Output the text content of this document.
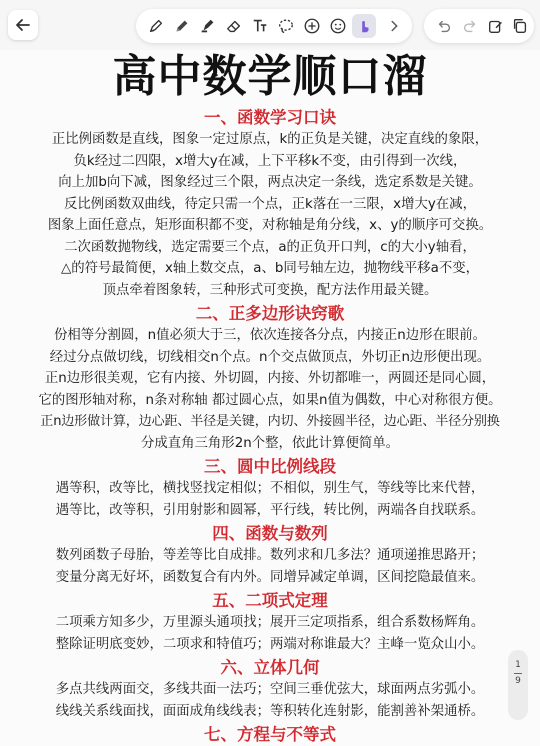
高中数学顺口溜
一、函数学习口诀
正比例函数是直线，图象一定过原点，k的正负是关键，决定直线的象限，
负k经过二四限，x增大y在减，上下平移k不变，由引得到一次线，
向上加b向下减，图象经过三个限，两点决定一条线，选定系数是关键。
反比例函数双曲线，待定只需一个点，正k落在一三限，x增大y在减，
图象上面任意点，矩形面积都不变，对称轴是角分线，x、y的顺序可交换。
二次函数抛物线，选定需要三个点，a的正负开口判，c的大小y轴看，
△的符号最简便，x轴上数交点，a、b同号轴左边，抛物线平移a不变，
顶点牵着图象转，三种形式可变换，配方法作用最关键。
二、正多边形诀窍歌
份相等分割圆，n值必须大于三，依次连接各分点，内接正n边形在眼前。
经过分点做切线，切线相交n个点。n个交点做顶点，外切正n边形便出现。
正n边形很美观，它有内接、外切圆，内接、外切都唯一，两圆还是同心圆，
它的图形轴对称，n条对称轴 都过圆心点，如果n值为偶数，中心对称很方便。
正n边形做计算，边心距、半径是关键，内切、外接圆半径，边心距、半径分别换
分成直角三角形2n个整，依此计算便简单。
三、圆中比例线段
遇等积，改等比，横找竖找定相似；不相似，别生气，等线等比来代替，
遇等比，改等积，引用射影和圆幂，平行线，转比例，两端各自找联系。
四、函数与数列
数列函数子母胎，等差等比自成排。数列求和几多法？通项递推思路开；
变量分离无好坏，函数复合有内外。同增异减定单调，区间挖隐最值来。
五、二项式定理
二项乘方知多少，万里源头通项找；展开三定项指系，组合系数杨辉角。
整除证明底变妙，二项求和特值巧；两端对称谁最大？主峰一览众山小。
六、立体几何
多点共线两面交，多线共面一法巧；空间三垂优弦大，球面两点劣弧小。
线线关系线面找，面面成角线线表；等积转化连射影，能割善补架通桥。
七、方程与不等式
1
9
